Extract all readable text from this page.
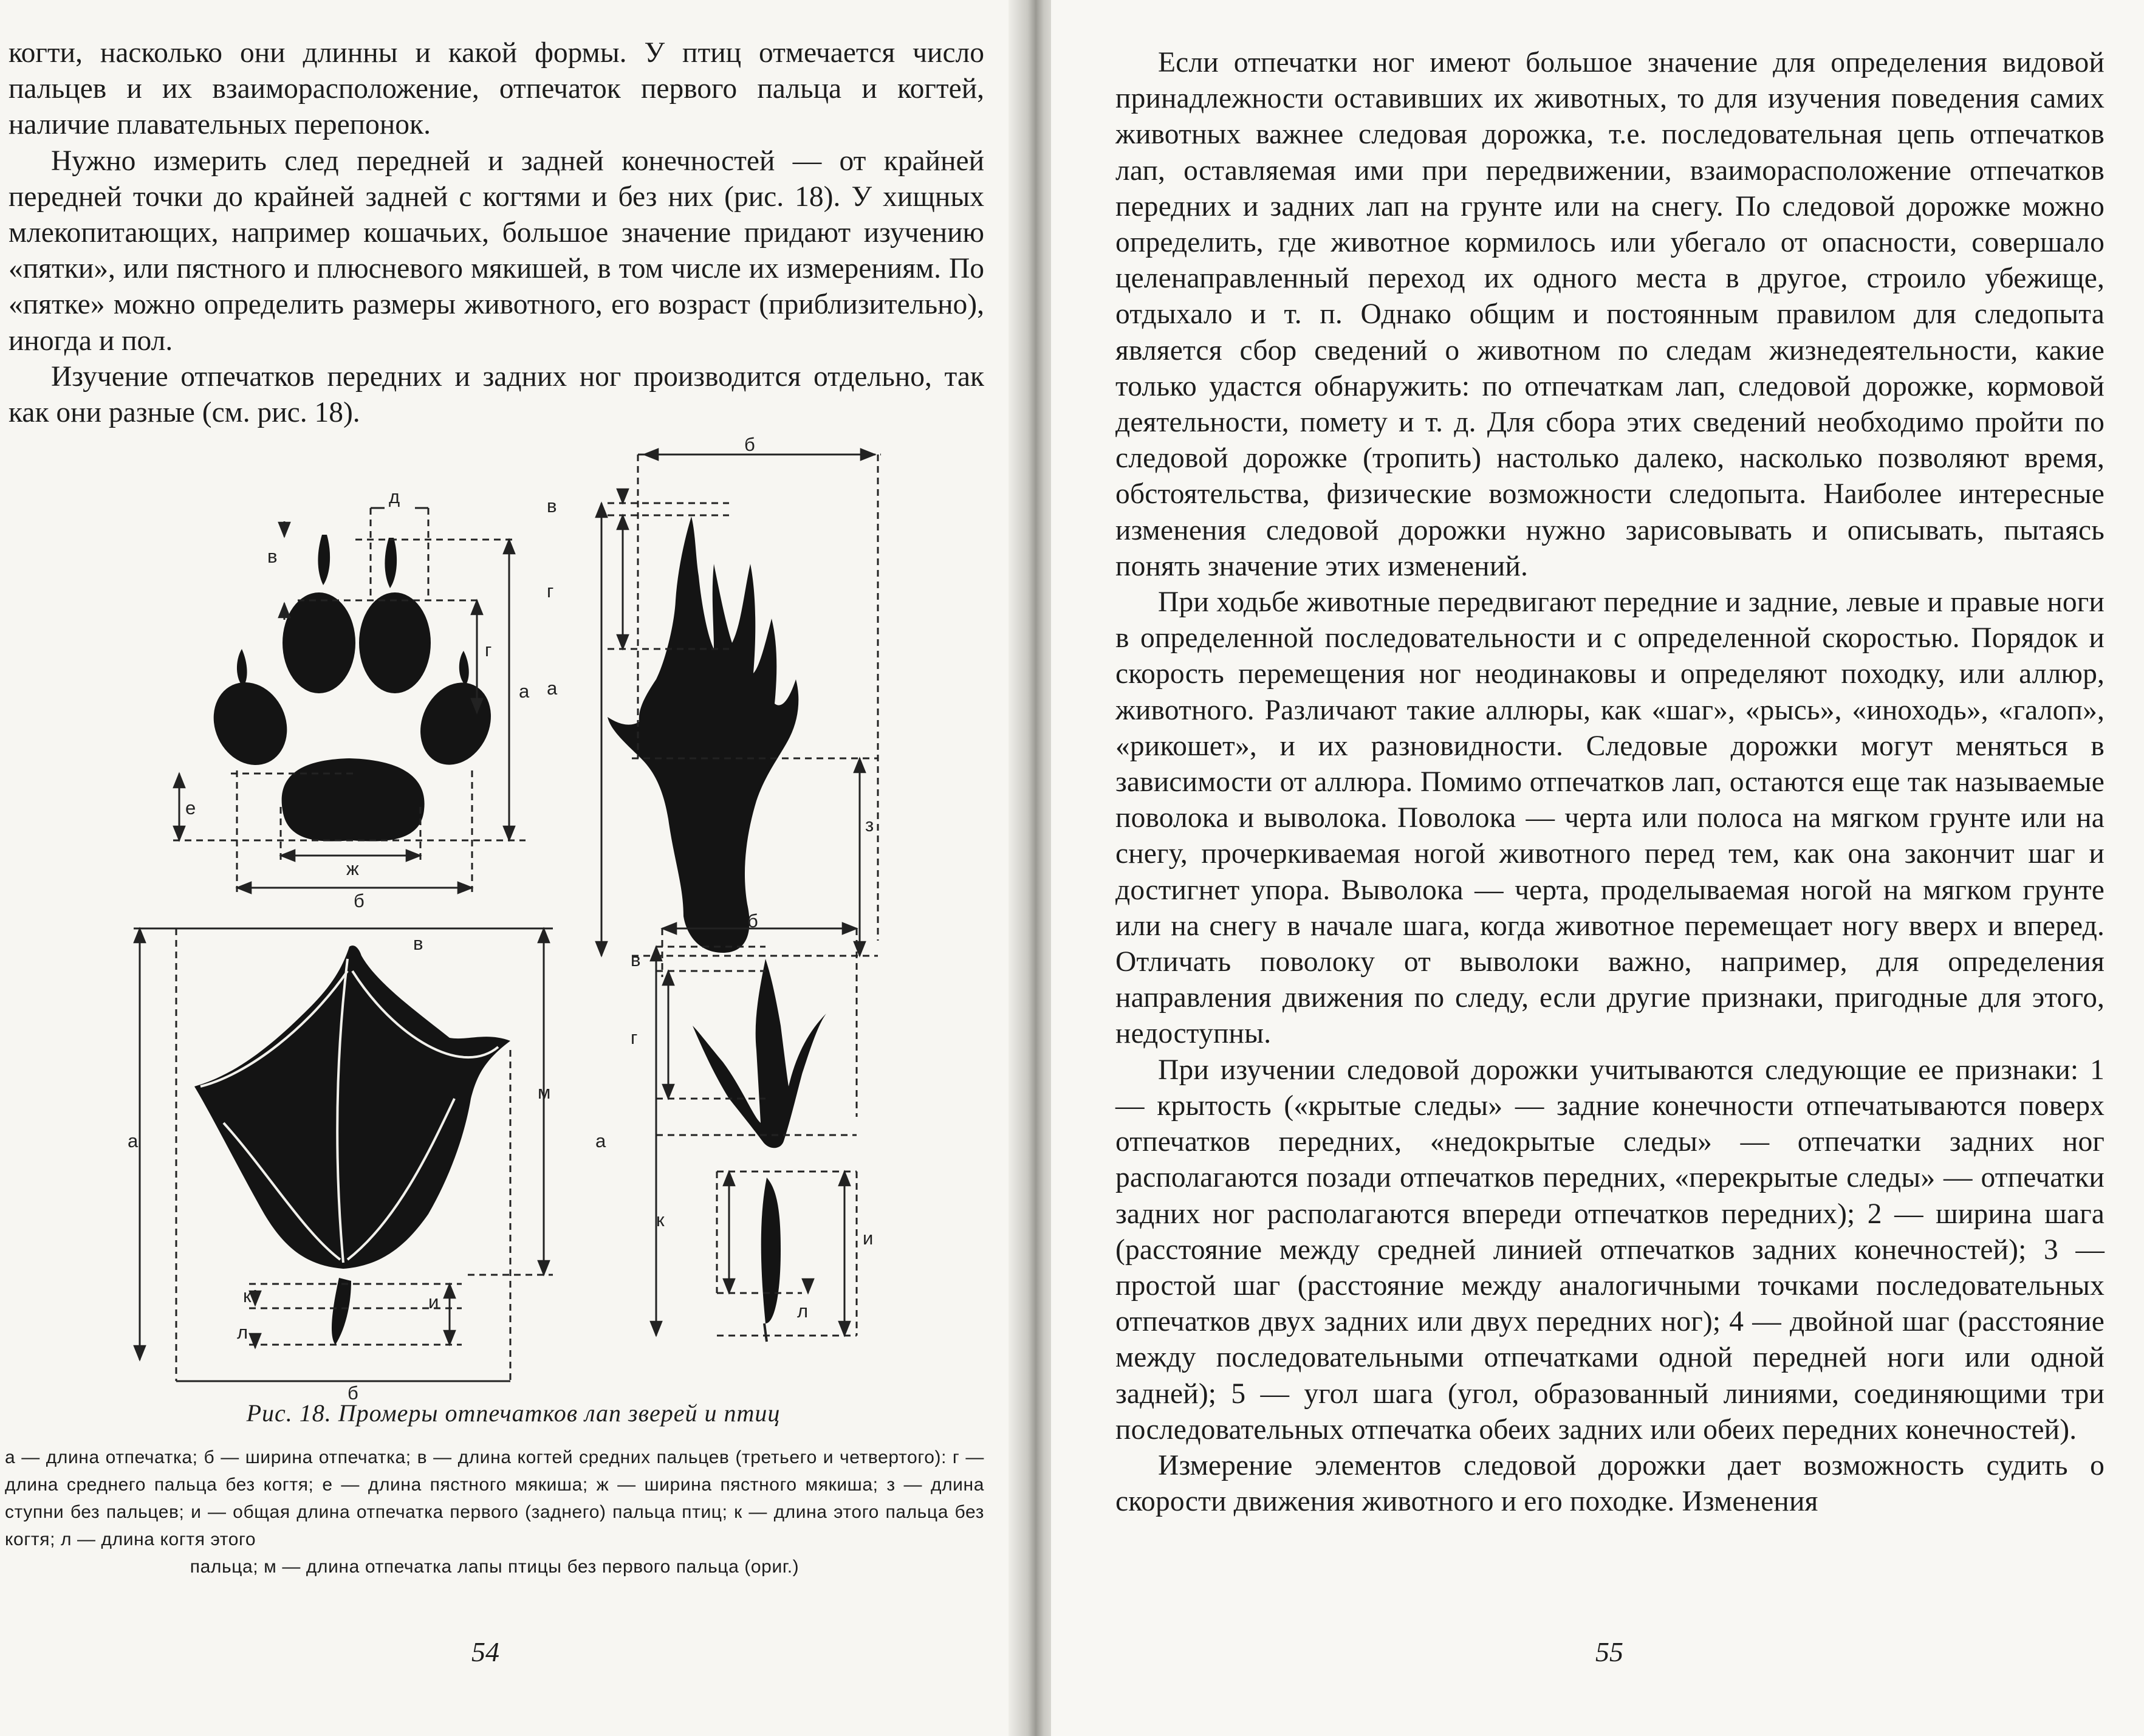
когти, насколько они длинны и какой формы. У птиц отмечается число пальцев и их взаиморасположение, отпечаток первого пальца и когтей, наличие плавательных перепонок.

Нужно измерить след передней и задней конечностей — от крайней передней точки до крайней задней с когтями и без них (рис. 18). У хищных млекопитающих, например кошачьих, большое значение придают изучению «пятки», или пястного и плюсневого мякишей, в том числе их измерениям. По «пятке» можно определить размеры животного, его возраст (приблизительно), иногда и пол.

Изучение отпечатков передних и задних ног производится отдельно, так как они разные (см. рис. 18).

д
в
г
а
е
ж
б
б
в
г
а
з
в
м
а
к	и
л
б
б
в
г
а
к
и
л
Рис. 18. Промеры отпечатков лап зверей и птиц

а — длина отпечатка; б — ширина отпечатка; в — длина когтей средних пальцев (третьего и четвертого): г — длина среднего пальца без когтя; е — длина пястного мякиша; ж — ширина пястного мякиша; з — длина ступни без пальцев; и — общая длина отпечатка первого (заднего) пальца птиц; к — длина этого пальца без когтя; л — длина когтя этого

пальца; м — длина отпечатка лапы птицы без первого пальца (ориг.)

54

Если отпечатки ног имеют большое значение для определения видовой принадлежности оставивших их животных, то для изучения поведения самих животных важнее следовая дорожка, т.е. последовательная цепь отпечатков лап, оставляемая ими при передвижении, взаиморасположение отпечатков передних и задних лап на грунте или на снегу. По следовой дорожке можно определить, где животное кормилось или убегало от опасности, совершало целенаправленный переход их одного места в другое, строило убежище, отдыхало и т. п. Однако общим и постоянным правилом для следопыта является сбор сведений о животном по следам жизнедеятельности, какие только удастся обнаружить: по отпечаткам лап, следовой дорожке, кормовой деятельности, помету и т. д. Для сбора этих сведений необходимо пройти по следовой дорожке (тропить) настолько далеко, насколько позволяют время, обстоятельства, физические возможности следопыта. Наиболее интересные изменения следовой дорожки нужно зарисовывать и описывать, пытаясь понять значение этих изменений.

При ходьбе животные передвигают передние и задние, левые и правые ноги в определенной последовательности и с определенной скоростью. Порядок и скорость перемещения ног неодинаковы и определяют походку, или аллюр, животного. Различают такие аллюры, как «шаг», «рысь», «иноходь», «галоп», «рикошет», и их разновидности. Следовые дорожки могут меняться в зависимости от аллюра. Помимо отпечатков лап, остаются еще так называемые поволока и выволока. Поволока — черта или полоса на мягком грунте или на снегу, прочеркиваемая ногой животного перед тем, как она закончит шаг и достигнет упора. Выволока — черта, проделываемая ногой на мягком грунте или на снегу в начале шага, когда животное перемещает ногу вверх и вперед. Отличать поволоку от выволоки важно, например, для определения направления движения по следу, если другие признаки, пригодные для этого, недоступны.

При изучении следовой дорожки учитываются следующие ее признаки: 1 — крытость («крытые следы» — задние конечности отпечатываются поверх отпечатков передних, «недокрытые следы» — отпечатки задних ног располагаются позади отпечатков передних, «перекрытые следы» — отпечатки задних ног располагаются впереди отпечатков передних); 2 — ширина шага (расстояние между средней линией отпечатков задних конечностей); 3 — простой шаг (расстояние между аналогичными точками последовательных отпечатков двух задних или двух передних ног); 4 — двойной шаг (расстояние между последовательными отпечатками одной передней ноги или одной задней); 5 — угол шага (угол, образованный линиями, соединяющими три последовательных отпечатка обеих задних или обеих передних конечностей).

Измерение элементов следовой дорожки дает возможность судить о скорости движения животного и его походке. Изменения

55
